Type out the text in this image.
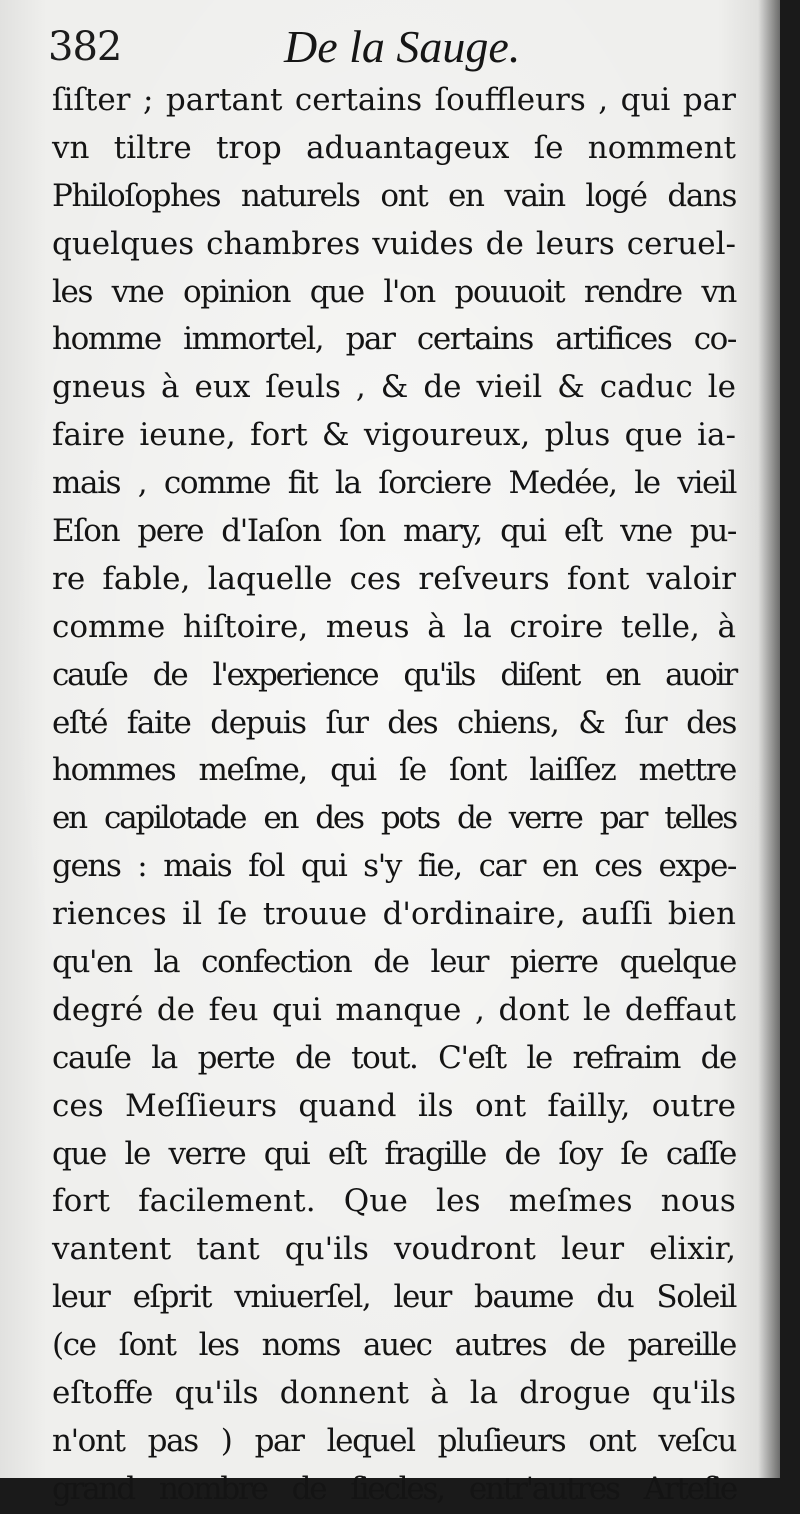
382	De la Sauge.
ſiſter ; partant certains ſouffleurs , qui par
vn tiltre trop aduantageux ſe nomment
Philoſophes naturels ont en vain logé dans
quelques chambres vuides de leurs ceruel-
les vne opinion que l'on pouuoit rendre vn
homme immortel, par certains artifices co-
gneus à eux ſeuls , & de vieil & caduc le
faire ieune, fort & vigoureux, plus que ia-
mais , comme fit la ſorciere Medée, le vieil
Eſon pere d'Iaſon ſon mary, qui eſt vne pu-
re fable, laquelle ces reſveurs font valoir
comme hiſtoire, meus à la croire telle, à
cauſe de l'experience qu'ils diſent en auoir
eſté faite depuis ſur des chiens, & ſur des
hommes meſme, qui ſe ſont laiſſez mettre
en capilotade en des pots de verre par telles
gens : mais fol qui s'y fie, car en ces expe-
riences il ſe trouue d'ordinaire, auſſi bien
qu'en la confection de leur pierre quelque
degré de feu qui manque , dont le deffaut
cauſe la perte de tout. C'eſt le refraim de
ces Meſſieurs quand ils ont failly, outre
que le verre qui eſt fragille de ſoy ſe caſſe
fort facilement. Que les meſmes nous
vantent tant qu'ils voudront leur elixir,
leur eſprit vniuerſel, leur baume du Soleil
(ce ſont les noms auec autres de pareille
eſtoffe qu'ils donnent à la drogue qu'ils
n'ont pas ) par lequel pluſieurs ont veſcu
grand nombre de ſiecles, entr'autres Arteſie
